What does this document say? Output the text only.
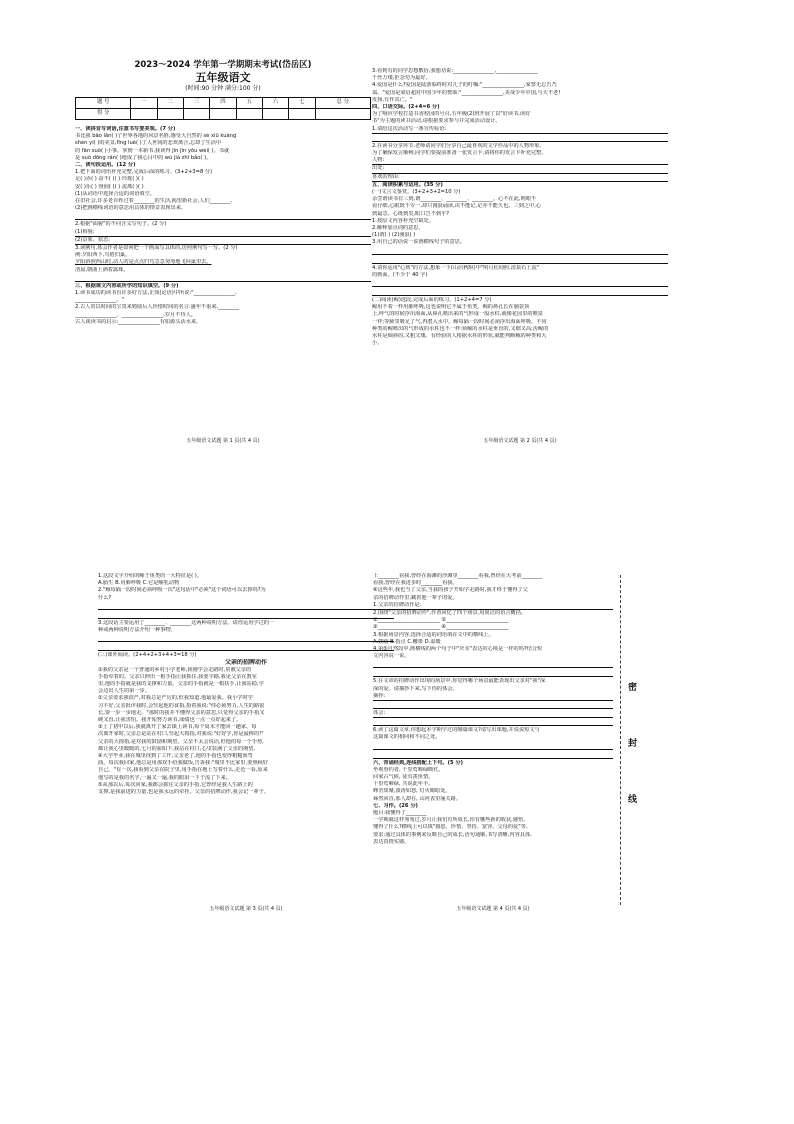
2023～2024 学年第一学期期末考试(岱岳区)
五年级语文
(时间:90 分钟 满分:100 分)
题 号	一	二	三	四	五	六	七	总 分
得 分								
一、读拼音写词语,注意书写要美观。(7 分)
书比我 bǎo lǎn( )了世界各地的风景名胜,感受大自然的 sè xiū kuàng
shén yí( )的美景,fǐng luè( )了人世间的悲欢离合,忘却了生活中
的 fān suǒ( )小事。掌到一本新书,我读得 jīn jīn yǒu wèi( )。书就
是 suǒ dōng rǎn( )地成了我心目中的 wú jià zhī bǎo( )。
二、读句段运用。(12 分)
1.把下面的词语补充完整,完成后面的练习。(3+2+3=8 分)
足( )赤( ) 奋不( )( ) 玲珑( )( )
安( )乐( ) 囫囵( )( ) 流离( )( )
(1)从词语中选择合适的词语填空。
在旧社会,许多老百姓过着________的生活,渴望新社会,人们________。
(2)把画横线词语的意思用具体的情景表现出来。
2.根据"面貌"的不同含义写句子。(2 分)
(1)相貌:
(2)景象、状态:
3.读例句,体会作者是如何把一个画面写具体的,仿照例句写一写。(2 分)
例:夕阳西下,鸟倦归巢。
夕阳斜照西山时,动人的是点点归鸟急急匆匆地飞回巢里去。
清晨,朝曲上洒着露珠。
三、根据课文内容或所学的知识填空。(9 分)
1.读书成功的读书有许多好方法,正如(论语)中所说:"________________,
________________。"
2.古人常以时间的宝贵来勉励后人珍惜时间的名言:盛年不重来,________
________________。________________,岁月不待人。
古人谈读书的启示:________________有如源头活水来。
五年级语文试题 第 1 页(共 4 页)
3.看到有的同学思想敷衍,我想劝说:________________,________________
千丝万缕,拒念勿为最好。
4.爱国是什么?爱国是陆游临终时对儿子的叮嘱:"________________,家祭无忘告乃
翁。"爱国是梁启超对中国少年的赞颂:"________________,美哉少年中国,与天不老!
发扬,有作其亡。"
四、口语交际。(2+4=6 分)
为了响应学校打造书香校园的号召,五年级(2)班开展了以"好读书,读好
书"为主题的读书活动,请根据要求参与并完成活动设计。
1.请给这次活动写一条宣传标语:
2.在读书分享环节,老师请同学们分享自己最喜欢的文学作品中的人物形象。
为了确保发言顺畅,同学们要提前准备一张发言卡,请将你的发言卡补充完整。
人物:
出处:
喜欢的理由:
五、阅读积累与运用。(35 分)
(一)文言文鉴赏。(3+2+3+2=10 分)
余尝谓读书有三到,谓________、________、________。心不在此,则眼不
看仔细,心眼既不专一,却只漫浪诵读,决不能记,记亦不能久也。三到之中,心
到最急。心既到矣,眼口岂不到乎?
1.按原文内容补充空缺处。
2.解释加点词的意思。
(1)谓( ) (2)漫浪( )
3.用自己的话说一说画横线句子的意思。
4.请你运用"心到"的方法,想象一下(山居秋暝)中"明月松间照,清泉石上流"
的画面。(不少于 40 字)
(二)阅读(鲸)选段,完成后面的练习。(1+2+4=7 分)
鲸用不着一样用肺呼吸,这也说明它不属于鱼类。鲸的鼻孔长在脑袋顶
上,呼气的时候浮出海面,从鼻孔喷出来的气形成一股水柱,就像花园里的喷泉
一样;等肺里吸足了气,再潜入水中。鲸每隔一段时间必须浮出海面呼吸。不同
种类的鲸喷出的气形成的水柱也不一样:须鲸的水柱是垂直的,又细又高;齿鲸的
水柱是倾斜的,又粗又矮。有经验的人根据水柱的形状,就能判断鲸的种类和大
小。
五年级语文试题 第 2 页(共 4 页)
1.这段文字介绍的鲸于鱼类的一大特征是( )。
A.胎生 B.用肺呼吸 C.它是哺乳动物
2."鲸每隔一段时间必须呼吸一次"这句话中"必须"这个词语可以去掉吗?为
什么?
3.这段话主要运用了________、________这两种说明方法。请你运用学过的一
种或两种说明方法介绍一种事物。
(三)课外阅读。(2+4+2+3+4+3=18 分)
父亲的招牌动作
①我的父亲是一个普通的乡村小学老师,我刚学会走路时,常被父亲的
手指牵着的。父亲只伸出一根手指让我抓住,我要学路,我见父亲在教室
里,他的手指就是我的支撑和力量。父亲的手指就是一根扶手,让我站稳,学
会迈出人生的第一步。
②父亲要求我很严,对我总是严厉的,但我知道,他最爱我。我小学时学
习不好,父亲批评我时,会竖起他的食指,指着我说:"你必须努力,人生的路很
长,要一步一步地走。"那时的我并不懂得父亲的意思,只觉得父亲的手指又
硬又直,让我害怕。我开始努力读书,成绩也一点一点好起来了。
③上了初中以后,我就离开了家去镇上读书,每个周末才能回一趟家。每
次离开家时,父亲总是站在村口,竖起大拇指,对我说:"好好学,你是最棒的!"
父亲的大拇指,是对我的鼓励和期望。父亲不太会说话,但他的每一个手势,
都让我心里暖暖的,七月的骄阳下,我站在村口,心里装满了父亲的期望。
④大学毕业,我在城里找到了工作,父亲老了,他的手指也变得粗糙而弯
曲。每次我回家,他总是用那双手给我做饭,告诉我:"城里不比家里,要照顾好
自己。"有一次,我看到父亲在院子里,用手指在地上写着什么,走近一看,原来
他写的是我的名字,一遍又一遍,我的眼泪一下子流了下来。
⑤从那以后,每次回家,我都会握住父亲的手指,它曾经是我人生路上的
支撑,是我前进的力量,也是我永远的牵挂。父亲的招牌动作,我会记一辈子。
五年级语文试题 第 3 页(共 4 页)
上________看我,曾经在海滩的沙滩里________看我,曾经在大考前________
看我,曾经在我进步时________看我。
⑥这些年,我也当了父亲,当我的孩子开始学走路时,我才终于懂得了父
亲的招牌动作里,藏着他一辈子的爱。
1.父亲的招牌动作是:
2.围绕"父亲的招牌动作",作者回忆了四个场景,用简洁的语言概括。
①________________________ ②________________________
③________________________ ④________________________
3.根据场景内容,选择合适的词语填在文中的横线上。
A.鼓励 B.指点 C.鞭策 D.温暖
4.第⑤自然段中,画横线的两个句子中"庆幸"表达的心境是一样的吗?结合短
文内容说一说。
5.在文章的招牌动作出现的场景中,你觉得哪个场景最能表现出父亲对"我"深
深的爱。请摘抄下来,写下你的体会。
摘抄:
体会:
6.读了这篇文章,你想起本学期学过的哪篇课文?请写出课题,并说说短文与
这篇课文的相同和不同之处。
六、背诵经典,连线搭配上下句。(5 分)
坐观垂钓者, 千里莺啼绿映红。
回家占气候, 徒有羡鱼情。
十里莺啼绿, 共说此年丰。
峰峦如聚,波涛如怒, 灯火晦暗处。
蓦然回首,那人却在, 山河表里潼关路。
七、习作。(26 分)
题目:我懂得了________
一学期就这样匆匆过,岁月让我们有所成长,你有哪些新的收获,感悟,
懂得了什么?横线上可以填"感恩、珍惜、坚持、宽容、父母的爱"等。
要求:通过具体的事例来反映自己的成长,语句通顺,书写清晰,内容具体,
表达真情实感。
五年级语文试题 第 4 页(共 4 页)
密
封
线
